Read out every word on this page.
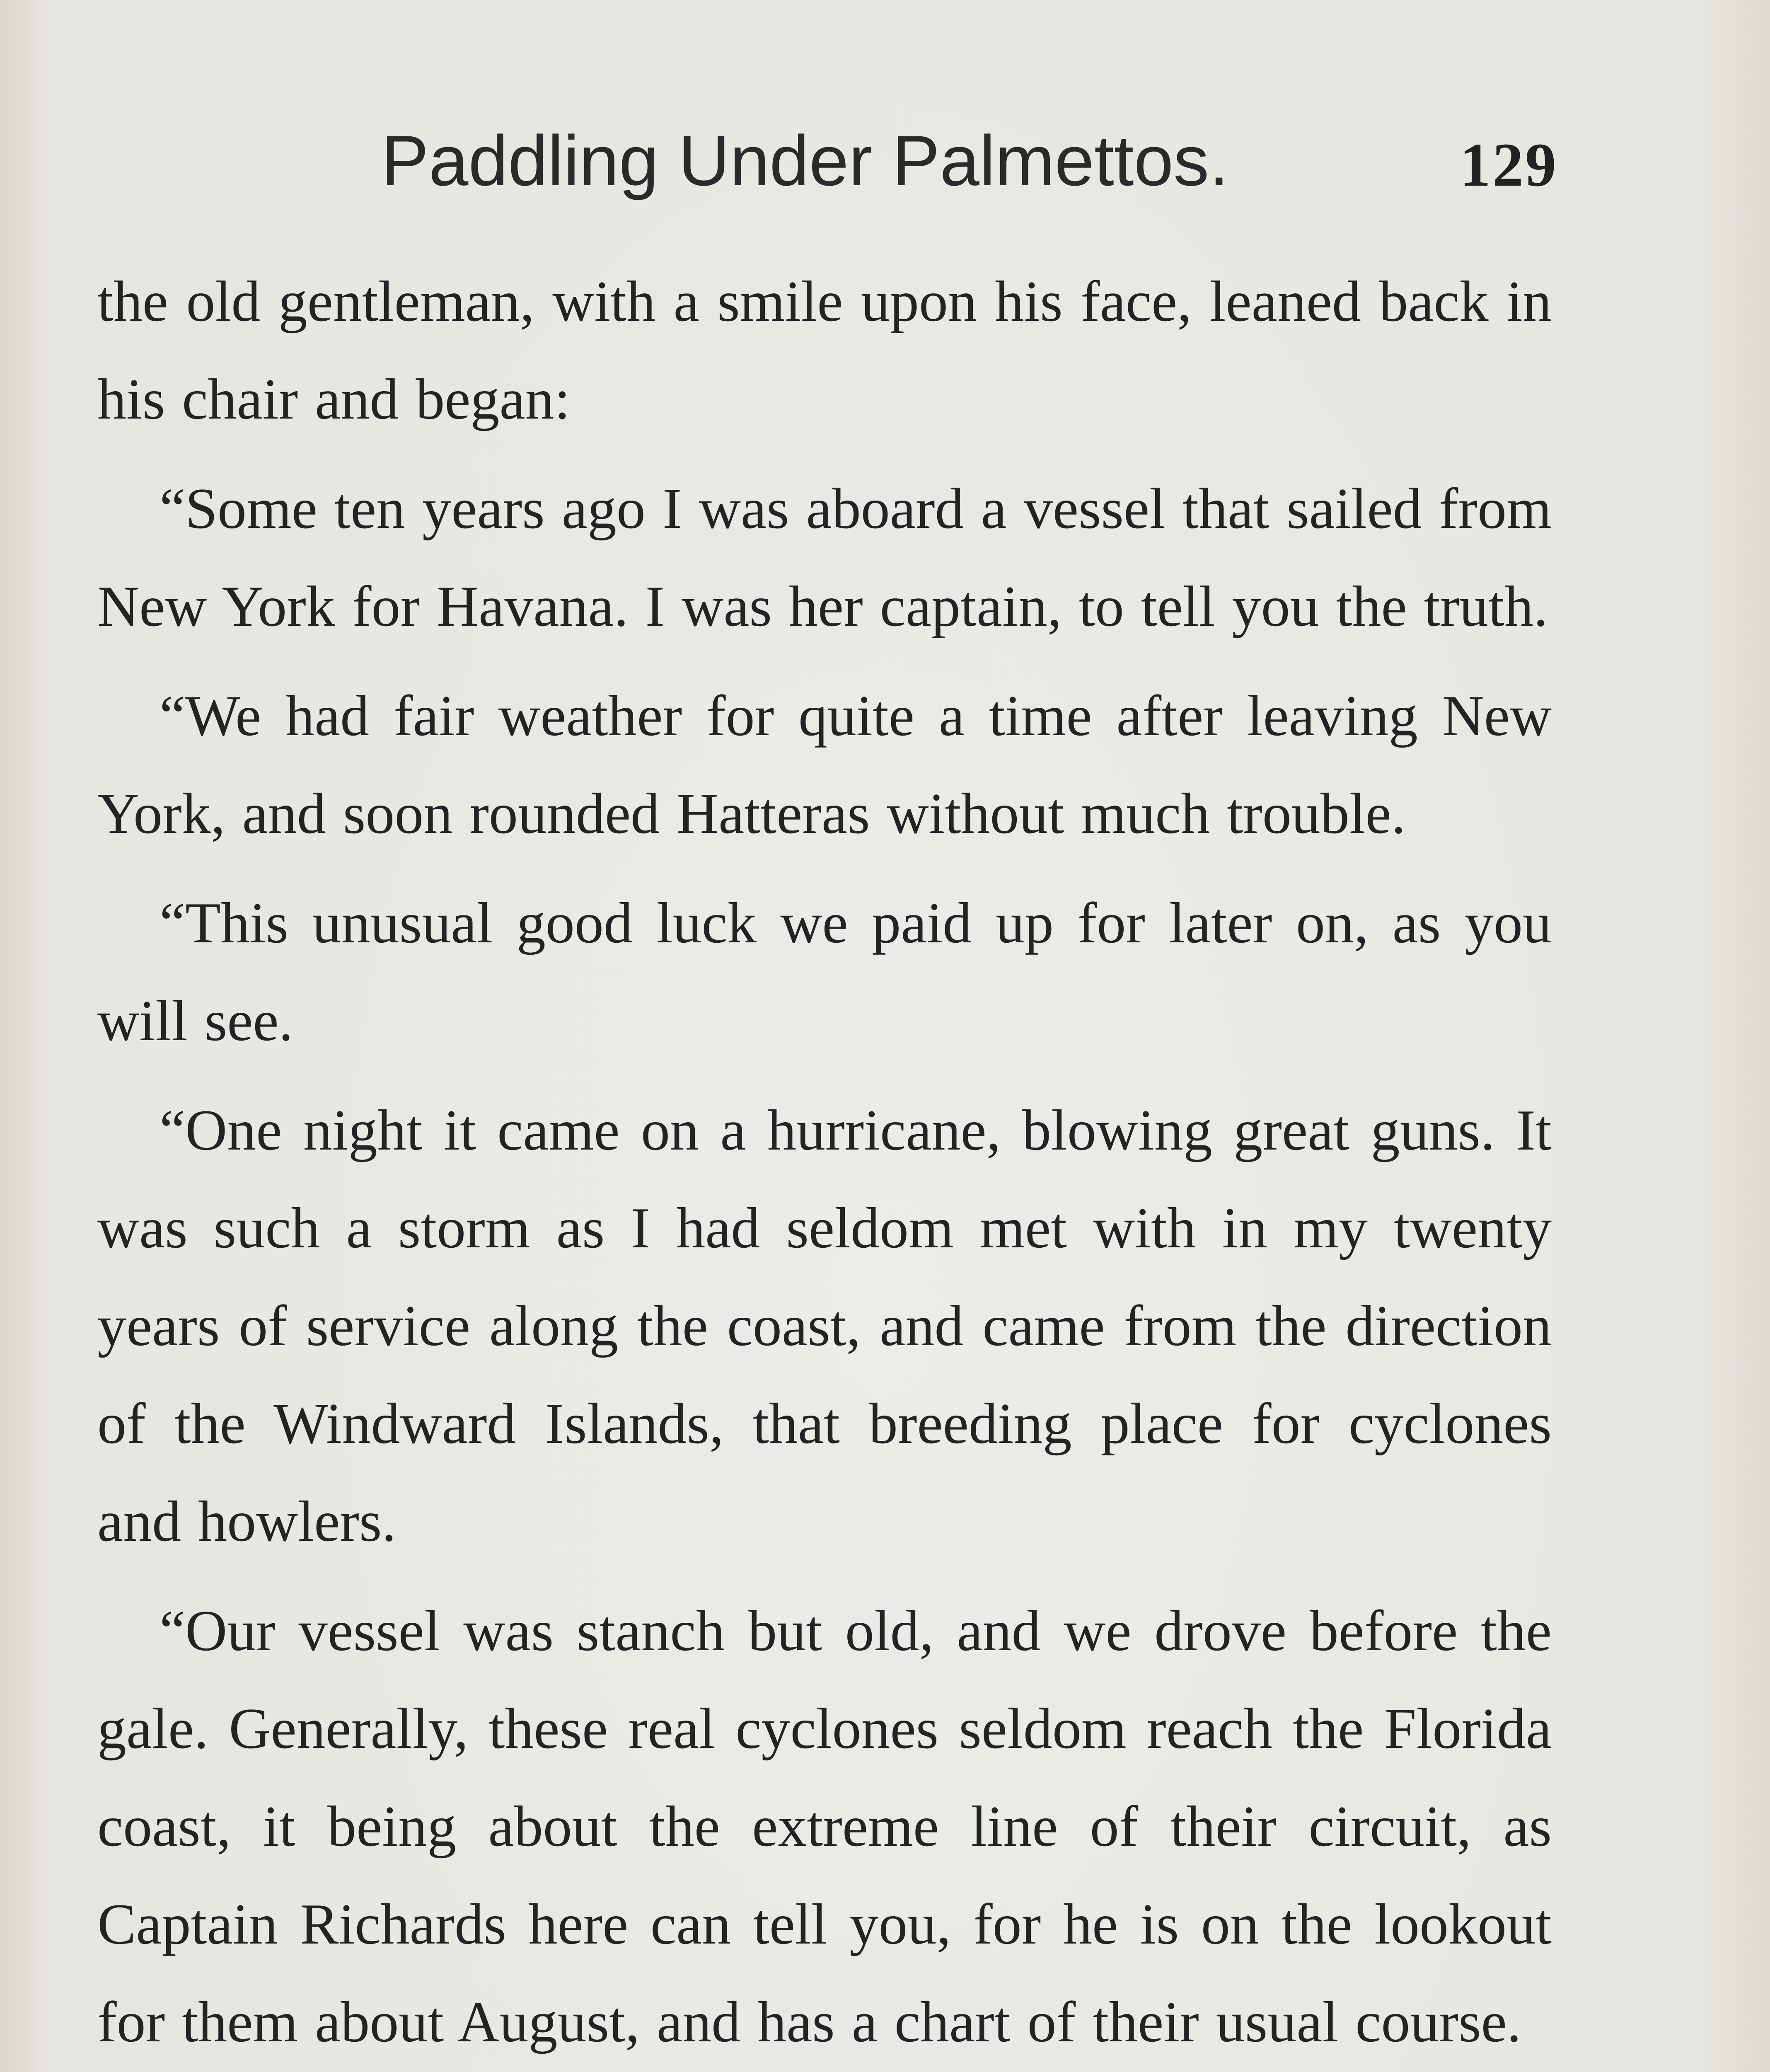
Paddling Under Palmettos.	129

the old gentleman, with a smile upon his face, leaned back in his chair and began:

“Some ten years ago I was aboard a vessel that sailed from New York for Havana. I was her captain, to tell you the truth.

“We had fair weather for quite a time after leaving New York, and soon rounded Hatteras without much trouble.

“This unusual good luck we paid up for later on, as you will see.

“One night it came on a hurricane, blowing great guns. It was such a storm as I had seldom met with in my twenty years of service along the coast, and came from the direction of the Windward Islands, that breeding place for cyclones and howlers.

“Our vessel was stanch but old, and we drove before the gale. Generally, these real cyclones seldom reach the Florida coast, it being about the extreme line of their circuit, as Captain Richards here can tell you, for he is on the lookout for them about August, and has a chart of their usual course.
